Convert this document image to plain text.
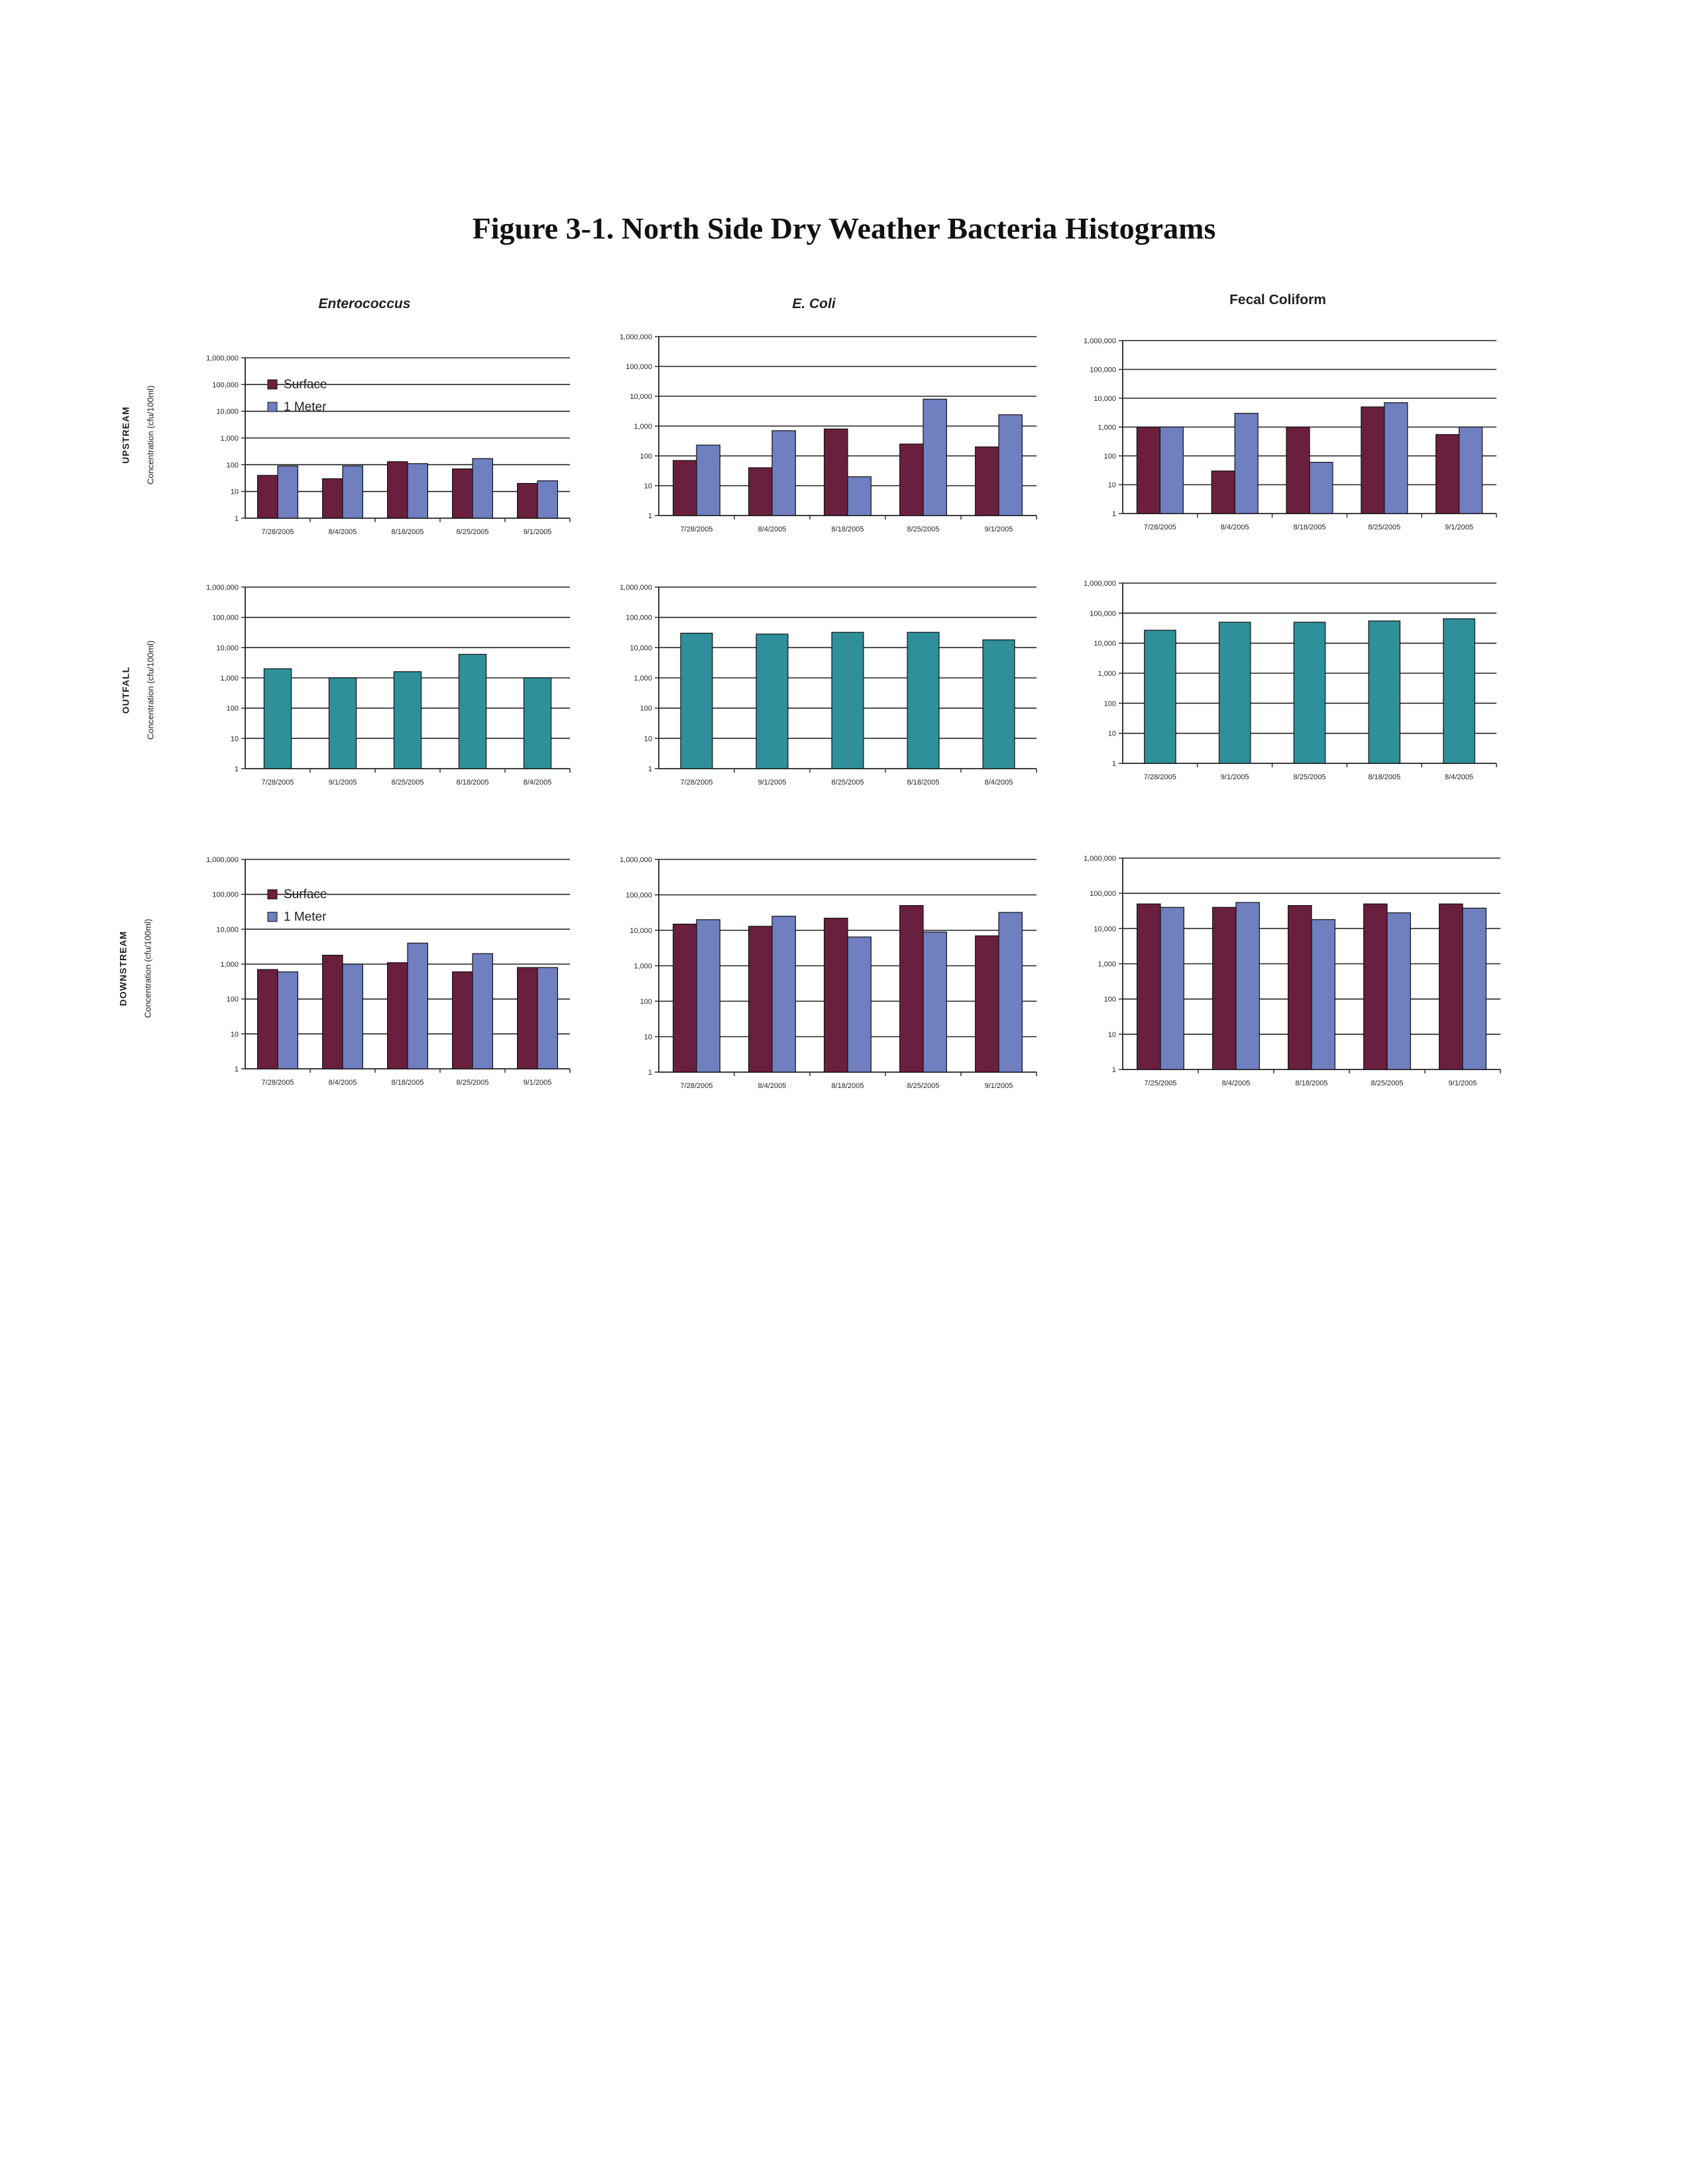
Figure 3-1. North Side Dry Weather Bacteria Histograms
Enterococcus	E. Coli	Fecal Coliform
UPSTREAM Concentration (cfu/100ml)
OUTFALL Concentration (cfu/100ml)
DOWNSTREAM Concentration (cfu/100ml)
1
10
100
1,000
10,000
100,000
1,000,000
7/28/2005	8/4/2005	8/18/2005	8/25/2005	9/1/2005
Surface
1 Meter
1
10
100
1,000
10,000
100,000
1,000,000
7/28/2005	8/4/2005	8/18/2005	8/25/2005	9/1/2005
1
10
100
1,000
10,000
100,000
1,000,000
7/28/2005	8/4/2005	8/18/2005	8/25/2005	9/1/2005
1
10
100
1,000
10,000
100,000
1,000,000
7/28/2005	9/1/2005	8/25/2005	8/18/2005	8/4/2005
1
10
100
1,000
10,000
100,000
1,000,000
7/28/2005	9/1/2005	8/25/2005	8/18/2005	8/4/2005
1
10
100
1,000
10,000
100,000
1,000,000
7/28/2005	9/1/2005	8/25/2005	8/18/2005	8/4/2005
1
10
100
1,000
10,000
100,000
1,000,000
7/28/2005	8/4/2005	8/18/2005	8/25/2005	9/1/2005
Surface
1 Meter
1
10
100
1,000
10,000
100,000
1,000,000
7/28/2005	8/4/2005	8/18/2005	8/25/2005	9/1/2005
1
10
100
1,000
10,000
100,000
1,000,000
7/25/2005	8/4/2005	8/18/2005	8/25/2005	9/1/2005
